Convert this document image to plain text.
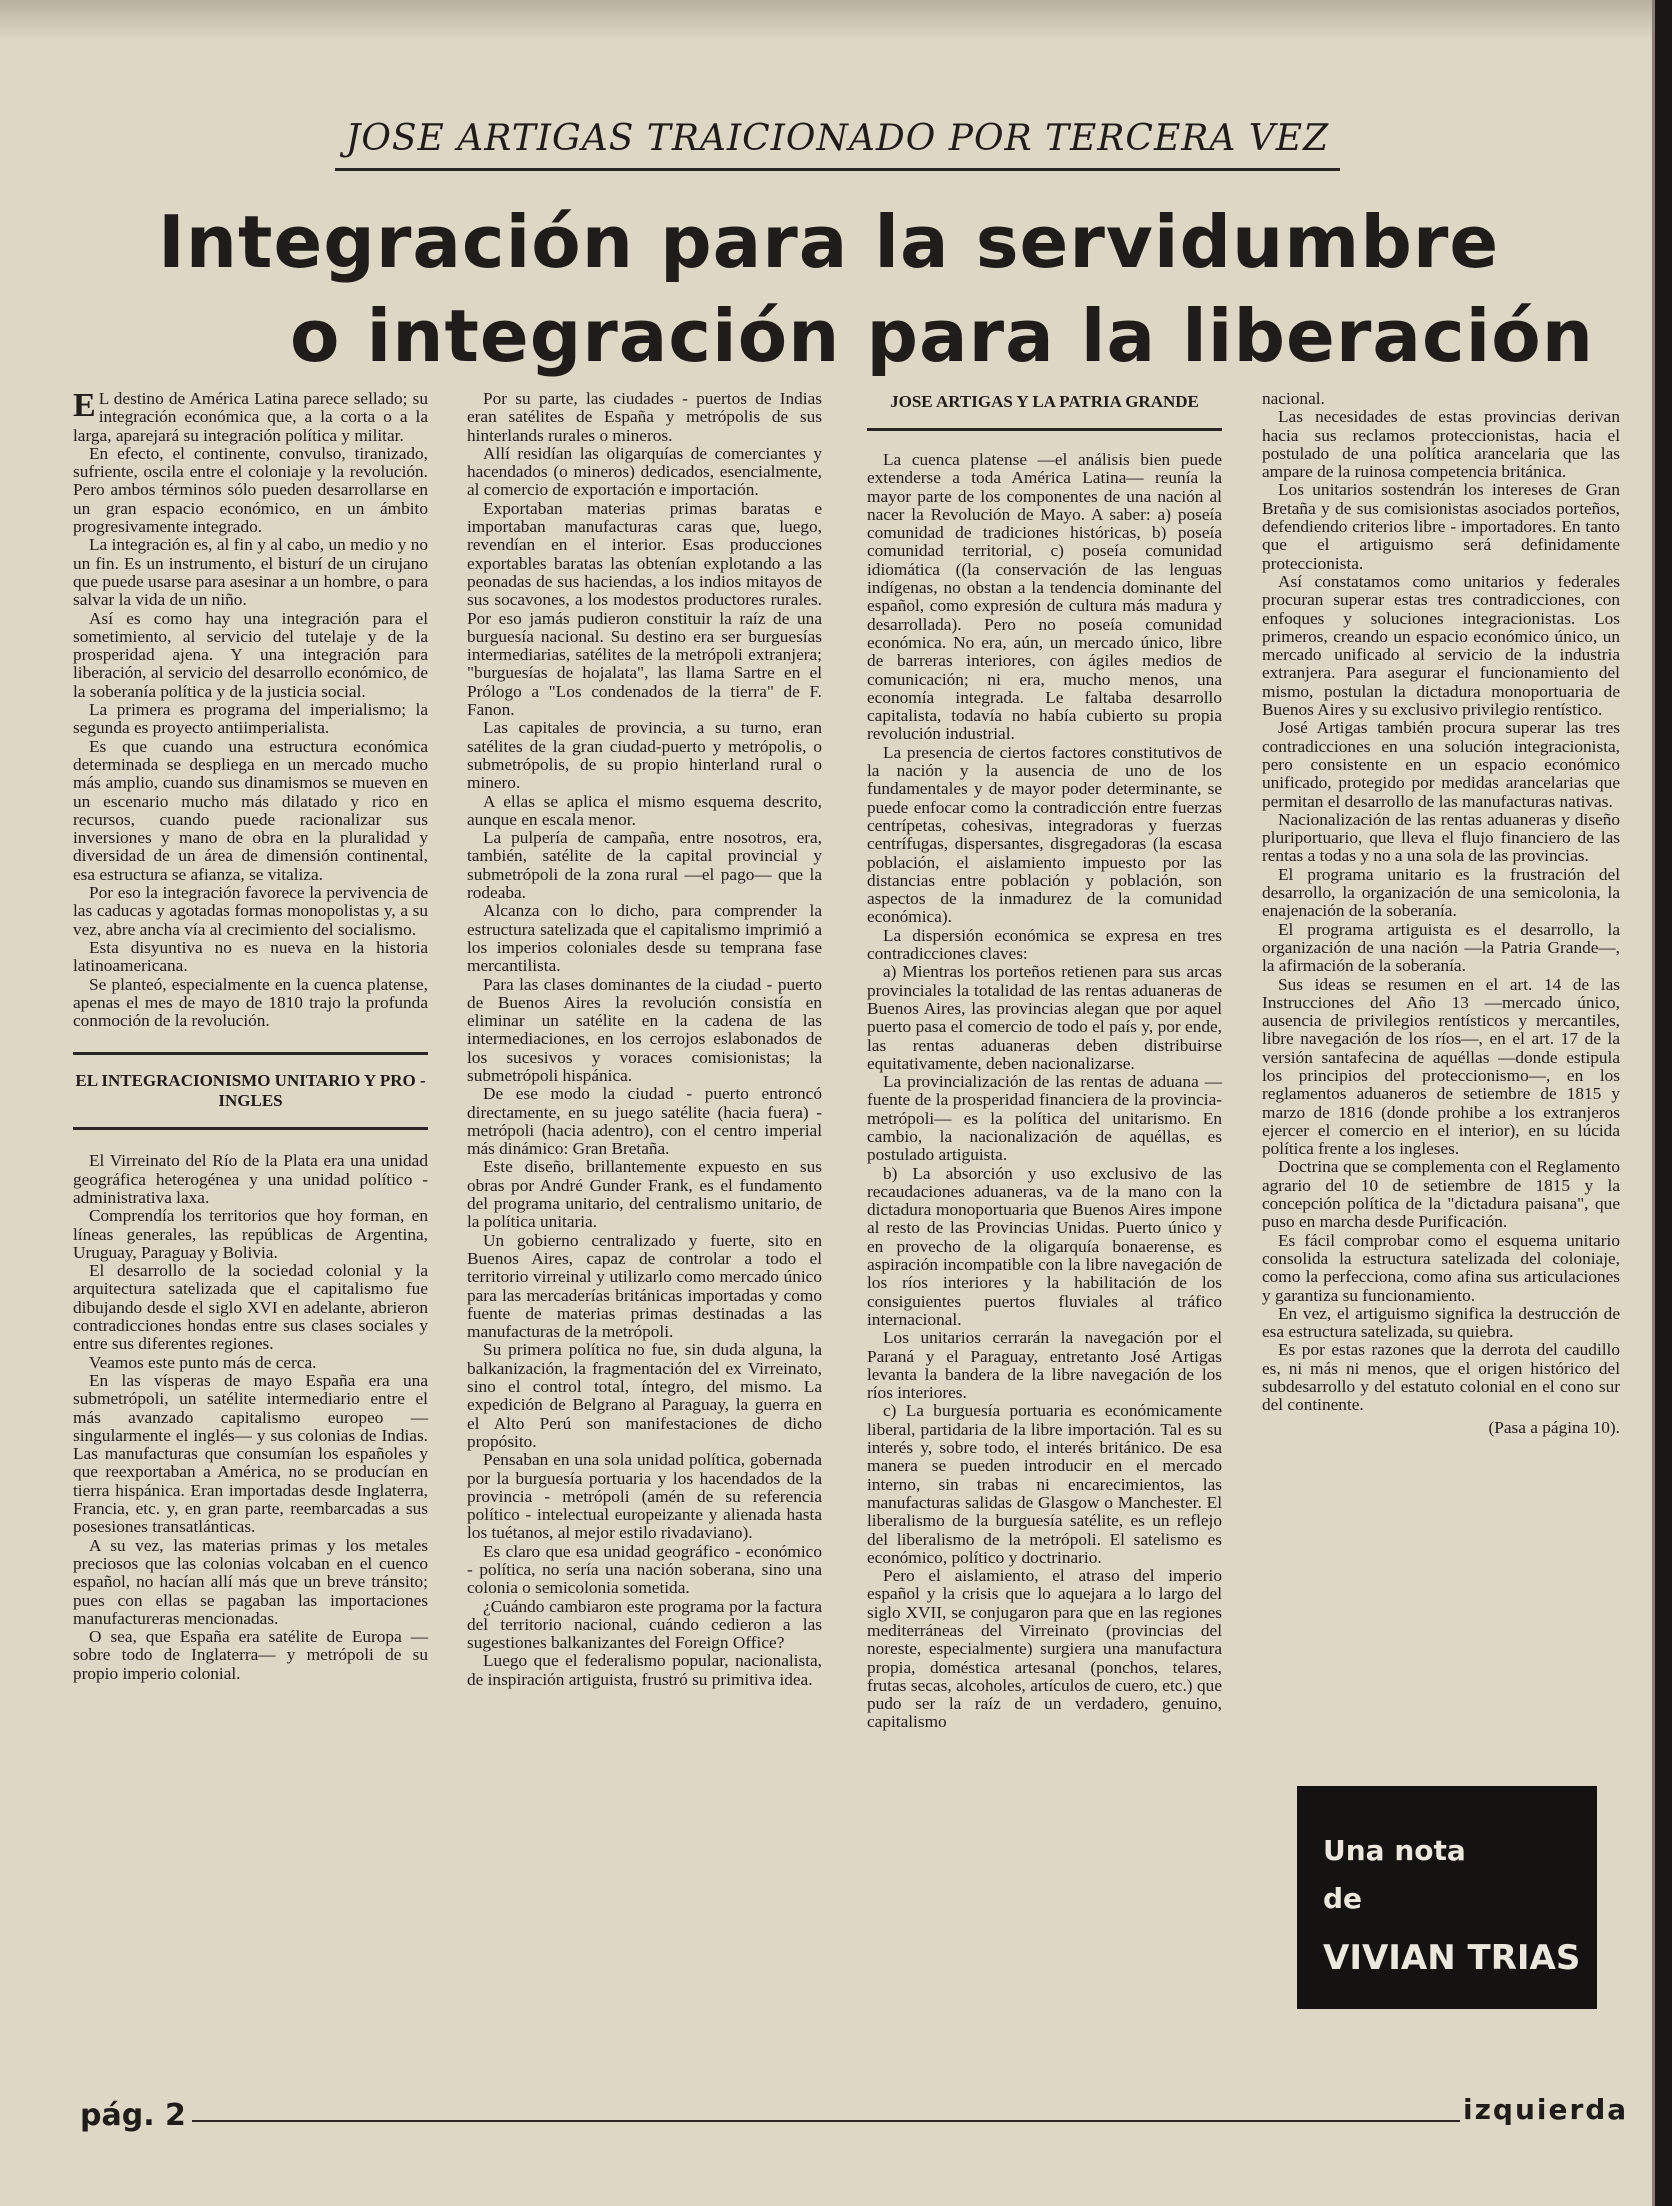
JOSE ARTIGAS TRAICIONADO POR TERCERA VEZ
Integración para la servidumbre
o integración para la liberación

E L destino de América Latina parece sellado; su integración económica que, a la corta o a la larga, aparejará su integración política y militar.

En efecto, el continente, convulso, tiranizado, sufriente, oscila entre el coloniaje y la revolución. Pero ambos términos sólo pueden desarrollarse en un gran espacio económico, en un ámbito progresivamente integrado.

La integración es, al fin y al cabo, un medio y no un fin. Es un instrumento, el bisturí de un cirujano que puede usarse para asesinar a un hombre, o para salvar la vida de un niño.

Así es como hay una integración para el sometimiento, al servicio del tutelaje y de la prosperidad ajena. Y una integración para liberación, al servicio del desarrollo económico, de la soberanía política y de la justicia social.

La primera es programa del imperialismo; la segunda es proyecto antiimperialista.

Es que cuando una estructura económica determinada se despliega en un mercado mucho más amplio, cuando sus dinamismos se mueven en un escenario mucho más dilatado y rico en recursos, cuando puede racionalizar sus inversiones y mano de obra en la pluralidad y diversidad de un área de dimensión continental, esa estructura se afianza, se vitaliza.

Por eso la integración favorece la pervivencia de las caducas y agotadas formas monopolistas y, a su vez, abre ancha vía al crecimiento del socialismo.

Esta disyuntiva no es nueva en la historia latinoamericana.

Se planteó, especialmente en la cuenca platense, apenas el mes de mayo de 1810 trajo la profunda conmoción de la revolución.

EL INTEGRACIONISMO UNITARIO Y PRO - INGLES

El Virreinato del Río de la Plata era una unidad geográfica heterogénea y una unidad político - administrativa laxa.

Comprendía los territorios que hoy forman, en líneas generales, las repúblicas de Argentina, Uruguay, Paraguay y Bolivia.

El desarrollo de la sociedad colonial y la arquitectura satelizada que el capitalismo fue dibujando desde el siglo XVI en adelante, abrieron contradicciones hondas entre sus clases sociales y entre sus diferentes regiones.

Veamos este punto más de cerca.

En las vísperas de mayo España era una submetrópoli, un satélite intermediario entre el más avanzado capitalismo europeo —singularmente el inglés— y sus colonias de Indias. Las manufacturas que consumían los españoles y que reexportaban a América, no se producían en tierra hispánica. Eran importadas desde Inglaterra, Francia, etc. y, en gran parte, reembarcadas a sus posesiones transatlánticas.

A su vez, las materias primas y los metales preciosos que las colonias volcaban en el cuenco español, no hacían allí más que un breve tránsito; pues con ellas se pagaban las importaciones manufactureras mencionadas.

O sea, que España era satélite de Europa —sobre todo de Inglaterra— y metrópoli de su propio imperio colonial.

Por su parte, las ciudades - puertos de Indias eran satélites de España y metrópolis de sus hinterlands rurales o mineros.

Allí residían las oligarquías de comerciantes y hacendados (o mineros) dedicados, esencialmente, al comercio de exportación e importación.

Exportaban materias primas baratas e importaban manufacturas caras que, luego, revendían en el interior. Esas producciones exportables baratas las obtenían explotando a las peonadas de sus haciendas, a los indios mitayos de sus socavones, a los modestos productores rurales. Por eso jamás pudieron constituir la raíz de una burguesía nacional. Su destino era ser burguesías intermediarias, satélites de la metrópoli extranjera; "burguesías de hojalata", las llama Sartre en el Prólogo a "Los condenados de la tierra" de F. Fanon.

Las capitales de provincia, a su turno, eran satélites de la gran ciudad-puerto y metrópolis, o submetrópolis, de su propio hinterland rural o minero.

A ellas se aplica el mismo esquema descrito, aunque en escala menor.

La pulpería de campaña, entre nosotros, era, también, satélite de la capital provincial y submetrópoli de la zona rural —el pago— que la rodeaba.

Alcanza con lo dicho, para comprender la estructura satelizada que el capitalismo imprimió a los imperios coloniales desde su temprana fase mercantilista.

Para las clases dominantes de la ciudad - puerto de Buenos Aires la revolución consistía en eliminar un satélite en la cadena de las intermediaciones, en los cerrojos eslabonados de los sucesivos y voraces comisionistas; la submetrópoli hispánica.

De ese modo la ciudad - puerto entroncó directamente, en su juego satélite (hacia fuera) - metrópoli (hacia adentro), con el centro imperial más dinámico: Gran Bretaña.

Este diseño, brillantemente expuesto en sus obras por André Gunder Frank, es el fundamento del programa unitario, del centralismo unitario, de la política unitaria.

Un gobierno centralizado y fuerte, sito en Buenos Aires, capaz de controlar a todo el territorio virreinal y utilizarlo como mercado único para las mercaderías británicas importadas y como fuente de materias primas destinadas a las manufacturas de la metrópoli.

Su primera política no fue, sin duda alguna, la balkanización, la fragmentación del ex Virreinato, sino el control total, íntegro, del mismo. La expedición de Belgrano al Paraguay, la guerra en el Alto Perú son manifestaciones de dicho propósito.

Pensaban en una sola unidad política, gobernada por la burguesía portuaria y los hacendados de la provincia - metrópoli (amén de su referencia político - intelectual europeizante y alienada hasta los tuétanos, al mejor estilo rivadaviano).

Es claro que esa unidad geográfico - económico - política, no sería una nación soberana, sino una colonia o semicolonia sometida.

¿Cuándo cambiaron este programa por la factura del territorio nacional, cuándo cedieron a las sugestiones balkanizantes del Foreign Office?

Luego que el federalismo popular, nacionalista, de inspiración artiguista, frustró su primitiva idea.

JOSE ARTIGAS Y LA PATRIA GRANDE

La cuenca platense —el análisis bien puede extenderse a toda América Latina— reunía la mayor parte de los componentes de una nación al nacer la Revolución de Mayo. A saber: a) poseía comunidad de tradiciones históricas, b) poseía comunidad territorial, c) poseía comunidad idiomática ((la conservación de las lenguas indígenas, no obstan a la tendencia dominante del español, como expresión de cultura más madura y desarrollada). Pero no poseía comunidad económica. No era, aún, un mercado único, libre de barreras interiores, con ágiles medios de comunicación; ni era, mucho menos, una economía integrada. Le faltaba desarrollo capitalista, todavía no había cubierto su propia revolución industrial.

La presencia de ciertos factores constitutivos de la nación y la ausencia de uno de los fundamentales y de mayor poder determinante, se puede enfocar como la contradicción entre fuerzas centrípetas, cohesivas, integradoras y fuerzas centrífugas, dispersantes, disgregadoras (la escasa población, el aislamiento impuesto por las distancias entre población y población, son aspectos de la inmadurez de la comunidad económica).

La dispersión económica se expresa en tres contradicciones claves:

a) Mientras los porteños retienen para sus arcas provinciales la totalidad de las rentas aduaneras de Buenos Aires, las provincias alegan que por aquel puerto pasa el comercio de todo el país y, por ende, las rentas aduaneras deben distribuirse equitativamente, deben nacionalizarse.

La provincialización de las rentas de aduana —fuente de la prosperidad financiera de la provincia-metrópoli— es la política del unitarismo. En cambio, la nacionalización de aquéllas, es postulado artiguista.

b) La absorción y uso exclusivo de las recaudaciones aduaneras, va de la mano con la dictadura monoportuaria que Buenos Aires impone al resto de las Provincias Unidas. Puerto único y en provecho de la oligarquía bonaerense, es aspiración incompatible con la libre navegación de los ríos interiores y la habilitación de los consiguientes puertos fluviales al tráfico internacional.

Los unitarios cerrarán la navegación por el Paraná y el Paraguay, entretanto José Artigas levanta la bandera de la libre navegación de los ríos interiores.

c) La burguesía portuaria es económicamente liberal, partidaria de la libre importación. Tal es su interés y, sobre todo, el interés británico. De esa manera se pueden introducir en el mercado interno, sin trabas ni encarecimientos, las manufacturas salidas de Glasgow o Manchester. El liberalismo de la burguesía satélite, es un reflejo del liberalismo de la metrópoli. El satelismo es económico, político y doctrinario.

Pero el aislamiento, el atraso del imperio español y la crisis que lo aquejara a lo largo del siglo XVII, se conjugaron para que en las regiones mediterráneas del Virreinato (provincias del noreste, especialmente) surgiera una manufactura propia, doméstica artesanal (ponchos, telares, frutas secas, alcoholes, artículos de cuero, etc.) que pudo ser la raíz de un verdadero, genuino, capitalismo

nacional.

Las necesidades de estas provincias derivan hacia sus reclamos proteccionistas, hacia el postulado de una política arancelaria que las ampare de la ruinosa competencia británica.

Los unitarios sostendrán los intereses de Gran Bretaña y de sus comisionistas asociados porteños, defendiendo criterios libre - importadores. En tanto que el artiguismo será definidamente proteccionista.

Así constatamos como unitarios y federales procuran superar estas tres contradicciones, con enfoques y soluciones integracionistas. Los primeros, creando un espacio económico único, un mercado unificado al servicio de la industria extranjera. Para asegurar el funcionamiento del mismo, postulan la dictadura monoportuaria de Buenos Aires y su exclusivo privilegio rentístico.

José Artigas también procura superar las tres contradicciones en una solución integracionista, pero consistente en un espacio económico unificado, protegido por medidas arancelarias que permitan el desarrollo de las manufacturas nativas.

Nacionalización de las rentas aduaneras y diseño pluriportuario, que lleva el flujo financiero de las rentas a todas y no a una sola de las provincias.

El programa unitario es la frustración del desarrollo, la organización de una semicolonia, la enajenación de la soberanía.

El programa artiguista es el desarrollo, la organización de una nación —la Patria Grande—, la afirmación de la soberanía.

Sus ideas se resumen en el art. 14 de las Instrucciones del Año 13 —mercado único, ausencia de privilegios rentísticos y mercantiles, libre navegación de los ríos—, en el art. 17 de la versión santafecina de aquéllas —donde estipula los principios del proteccionismo—, en los reglamentos aduaneros de setiembre de 1815 y marzo de 1816 (donde prohibe a los extranjeros ejercer el comercio en el interior), en su lúcida política frente a los ingleses.

Doctrina que se complementa con el Reglamento agrario del 10 de setiembre de 1815 y la concepción política de la "dictadura paisana", que puso en marcha desde Purificación.

Es fácil comprobar como el esquema unitario consolida la estructura satelizada del coloniaje, como la perfecciona, como afina sus articulaciones y garantiza su funcionamiento.

En vez, el artiguismo significa la destrucción de esa estructura satelizada, su quiebra.

Es por estas razones que la derrota del caudillo es, ni más ni menos, que el origen histórico del subdesarrollo y del estatuto colonial en el cono sur del continente.

(Pasa a página 10).

Una nota
de
VIVIAN TRIAS
pág. 2	izquierda
